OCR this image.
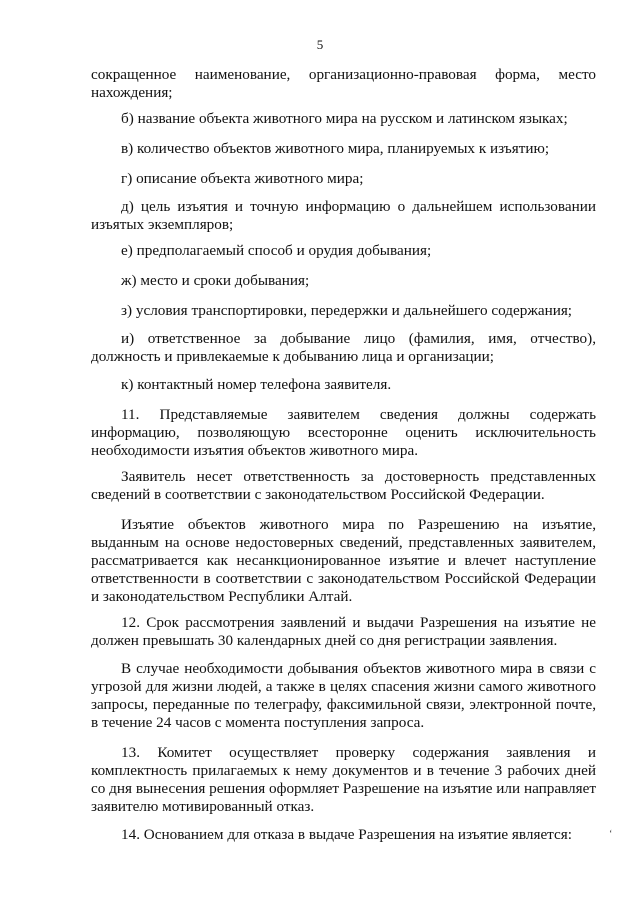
5

сокращенное наименование, организационно-правовая форма, место нахождения;

б) название объекта животного мира на русском и латинском языках;

в) количество объектов животного мира, планируемых к изъятию;

г) описание объекта животного мира;

д) цель изъятия и точную информацию о дальнейшем использовании изъятых экземпляров;

е) предполагаемый способ и орудия добывания;

ж) место и сроки добывания;

з) условия транспортировки, передержки и дальнейшего содержания;

и) ответственное за добывание лицо (фамилия, имя, отчество), должность и привлекаемые к добыванию лица и организации;

к) контактный номер телефона заявителя.

11. Представляемые заявителем сведения должны содержать информацию, позволяющую всесторонне оценить исключительность необходимости изъятия объектов животного мира.

Заявитель несет ответственность за достоверность представленных сведений в соответствии с законодательством Российской Федерации.

Изъятие объектов животного мира по Разрешению на изъятие, выданным на основе недостоверных сведений, представленных заявителем, рассматривается как несанкционированное изъятие и влечет наступление ответственности в соответствии с законодательством Российской Федерации и законодательством Республики Алтай.

12. Срок рассмотрения заявлений и выдачи Разрешения на изъятие не должен превышать 30 календарных дней со дня регистрации заявления.

В случае необходимости добывания объектов животного мира в связи с угрозой для жизни людей, а также в целях спасения жизни самого животного запросы, переданные по телеграфу, факсимильной связи, электронной почте, в течение 24 часов с момента поступления запроса.

13. Комитет осуществляет проверку содержания заявления и комплектность прилагаемых к нему документов и в течение 3 рабочих дней со дня вынесения решения оформляет Разрешение на изъятие или направляет заявителю мотивированный отказ.

14. Основанием для отказа в выдаче Разрешения на изъятие является:	ʻ
